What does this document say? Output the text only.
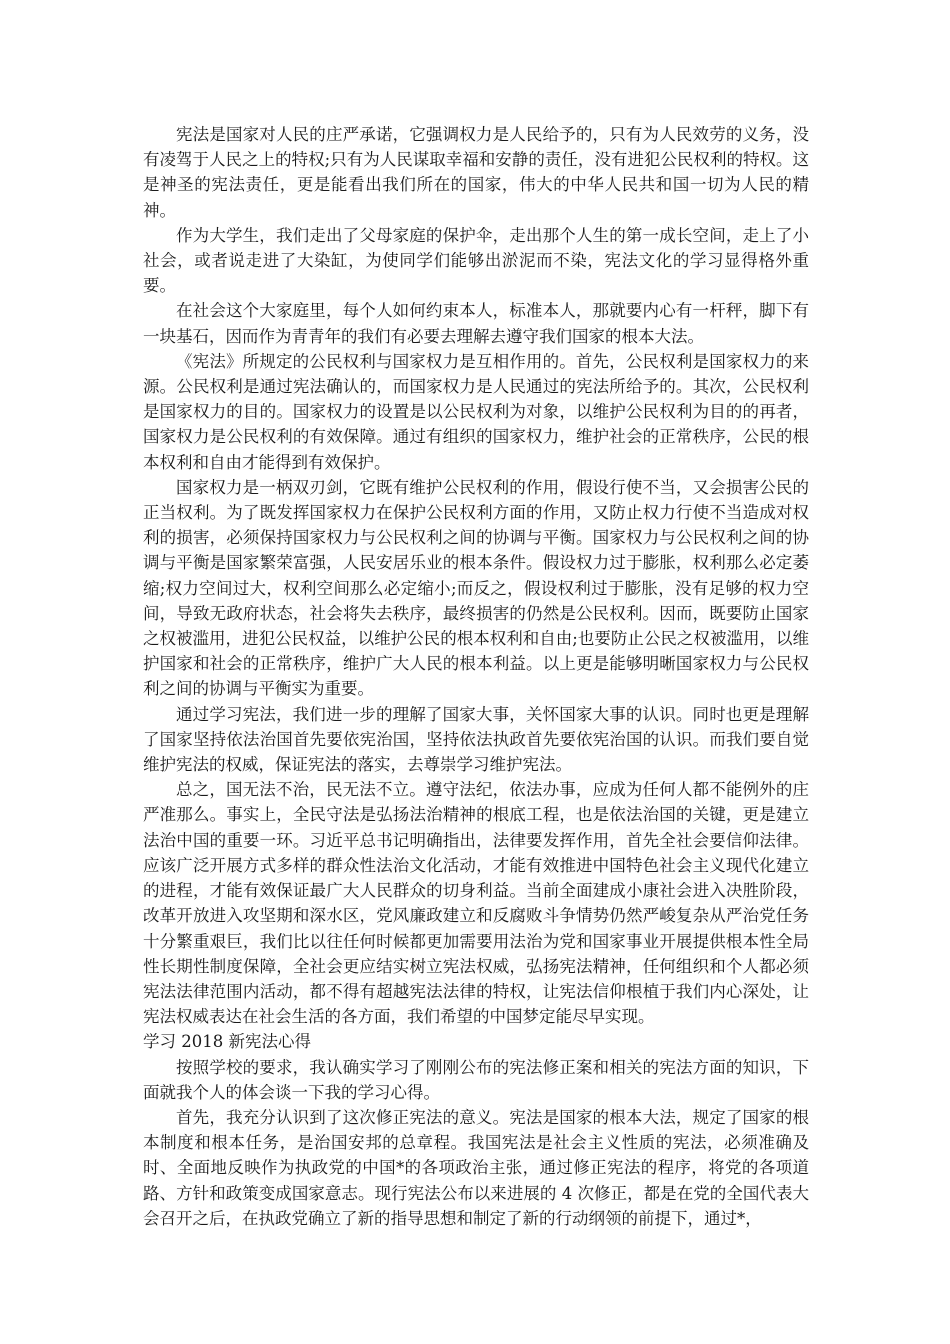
宪法是国家对人民的庄严承诺，它强调权力是人民给予的，只有为人民效劳的义务，没有凌驾于人民之上的特权;只有为人民谋取幸福和安静的责任，没有进犯公民权利的特权。这是神圣的宪法责任，更是能看出我们所在的国家，伟大的中华人民共和国一切为人民的精神。

作为大学生，我们走出了父母家庭的保护伞，走出那个人生的第一成长空间，走上了小社会，或者说走进了大染缸，为使同学们能够出淤泥而不染，宪法文化的学习显得格外重要。

在社会这个大家庭里，每个人如何约束本人，标准本人，那就要内心有一杆秤，脚下有一块基石，因而作为青青年的我们有必要去理解去遵守我们国家的根本大法。

《宪法》所规定的公民权利与国家权力是互相作用的。首先，公民权利是国家权力的来源。公民权利是通过宪法确认的，而国家权力是人民通过的宪法所给予的。其次，公民权利是国家权力的目的。国家权力的设置是以公民权利为对象，以维护公民权利为目的的再者，国家权力是公民权利的有效保障。通过有组织的国家权力，维护社会的正常秩序，公民的根本权利和自由才能得到有效保护。

国家权力是一柄双刃剑，它既有维护公民权利的作用，假设行使不当，又会损害公民的正当权利。为了既发挥国家权力在保护公民权利方面的作用，又防止权力行使不当造成对权利的损害，必须保持国家权力与公民权利之间的协调与平衡。国家权力与公民权利之间的协调与平衡是国家繁荣富强，人民安居乐业的根本条件。假设权力过于膨胀，权利那么必定萎缩;权力空间过大，权利空间那么必定缩小;而反之，假设权利过于膨胀，没有足够的权力空间，导致无政府状态，社会将失去秩序，最终损害的仍然是公民权利。因而，既要防止国家之权被滥用，进犯公民权益，以维护公民的根本权利和自由;也要防止公民之权被滥用，以维护国家和社会的正常秩序，维护广大人民的根本利益。以上更是能够明晰国家权力与公民权利之间的协调与平衡实为重要。

通过学习宪法，我们进一步的理解了国家大事，关怀国家大事的认识。同时也更是理解了国家坚持依法治国首先要依宪治国，坚持依法执政首先要依宪治国的认识。而我们要自觉维护宪法的权威，保证宪法的落实，去尊崇学习维护宪法。

总之，国无法不治，民无法不立。遵守法纪，依法办事，应成为任何人都不能例外的庄严准那么。事实上，全民守法是弘扬法治精神的根底工程，也是依法治国的关键，更是建立法治中国的重要一环。习近平总书记明确指出，法律要发挥作用，首先全社会要信仰法律。应该广泛开展方式多样的群众性法治文化活动，才能有效推进中国特色社会主义现代化建立的进程，才能有效保证最广大人民群众的切身利益。当前全面建成小康社会进入决胜阶段，改革开放进入攻坚期和深水区，党风廉政建立和反腐败斗争情势仍然严峻复杂从严治党任务十分繁重艰巨，我们比以往任何时候都更加需要用法治为党和国家事业开展提供根本性全局性长期性制度保障，全社会更应结实树立宪法权威，弘扬宪法精神，任何组织和个人都必须宪法法律范围内活动，都不得有超越宪法法律的特权，让宪法信仰根植于我们内心深处，让宪法权威表达在社会生活的各方面，我们希望的中国梦定能尽早实现。

学习 2018 新宪法心得

按照学校的要求，我认确实学习了刚刚公布的宪法修正案和相关的宪法方面的知识，下面就我个人的体会谈一下我的学习心得。

首先，我充分认识到了这次修正宪法的意义。宪法是国家的根本大法，规定了国家的根本制度和根本任务，是治国安邦的总章程。我国宪法是社会主义性质的宪法，必须准确及时、全面地反映作为执政党的中国*的各项政治主张，通过修正宪法的程序，将党的各项道路、方针和政策变成国家意志。现行宪法公布以来进展的 4 次修正，都是在党的全国代表大会召开之后，在执政党确立了新的指导思想和制定了新的行动纲领的前提下，通过*，
